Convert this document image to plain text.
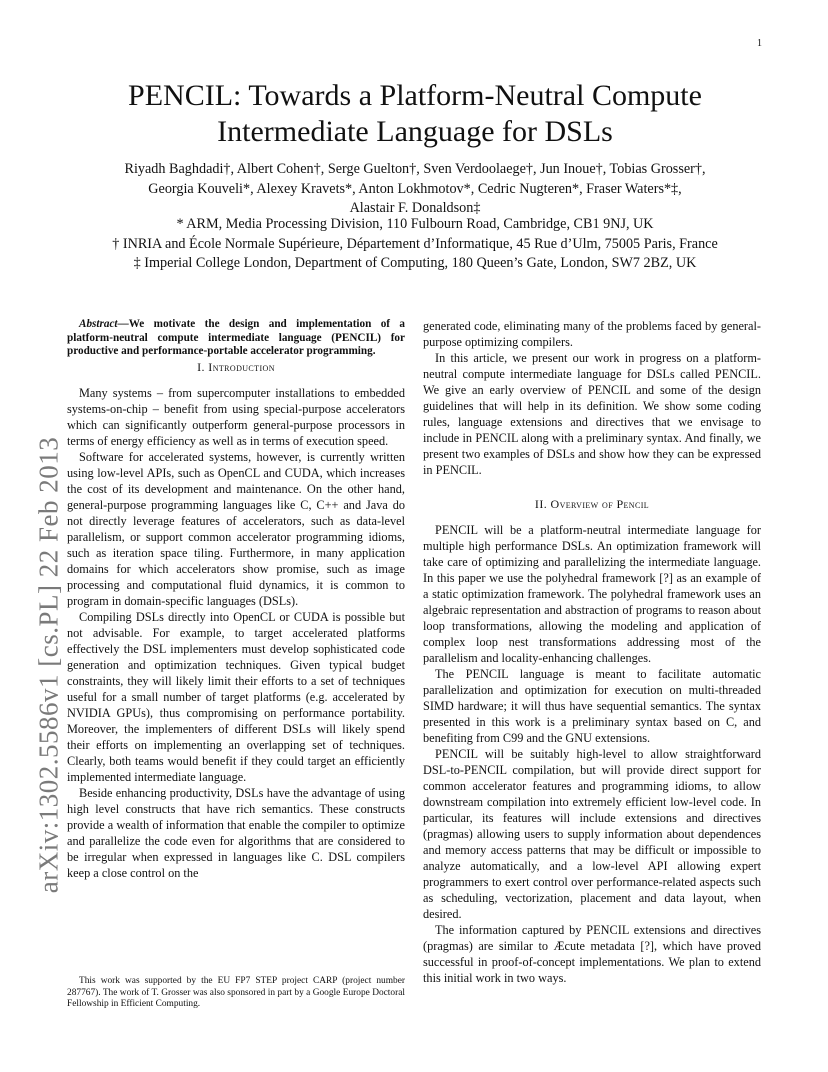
1
arXiv:1302.5586v1 [cs.PL] 22 Feb 2013
PENCIL: Towards a Platform-Neutral Compute
Intermediate Language for DSLs
Riyadh Baghdadi†, Albert Cohen†, Serge Guelton†, Sven Verdoolaege†, Jun Inoue†, Tobias Grosser†,
Georgia Kouveli*, Alexey Kravets*, Anton Lokhmotov*, Cedric Nugteren*, Fraser Waters*‡,
Alastair F. Donaldson‡
* ARM, Media Processing Division, 110 Fulbourn Road, Cambridge, CB1 9NJ, UK
† INRIA and École Normale Supérieure, Département d’Informatique, 45 Rue d’Ulm, 75005 Paris, France
‡ Imperial College London, Department of Computing, 180 Queen’s Gate, London, SW7 2BZ, UK

Abstract—We motivate the design and implementation of a platform-neutral compute intermediate language (PENCIL) for productive and performance-portable accelerator programming.

I. Introduction

Many systems – from supercomputer installations to embedded systems-on-chip – benefit from using special-purpose accelerators which can significantly outperform general-purpose processors in terms of energy efficiency as well as in terms of execution speed.

Software for accelerated systems, however, is currently written using low-level APIs, such as OpenCL and CUDA, which increases the cost of its development and maintenance. On the other hand, general-purpose programming languages like C, C++ and Java do not directly leverage features of accelerators, such as data-level parallelism, or support common accelerator programming idioms, such as iteration space tiling. Furthermore, in many application domains for which accelerators show promise, such as image processing and computational fluid dynamics, it is common to program in domain-specific languages (DSLs).

Compiling DSLs directly into OpenCL or CUDA is possible but not advisable. For example, to target accelerated platforms effectively the DSL implementers must develop sophisticated code generation and optimization techniques. Given typical budget constraints, they will likely limit their efforts to a set of techniques useful for a small number of target platforms (e.g. accelerated by NVIDIA GPUs), thus compromising on performance portability. Moreover, the implementers of different DSLs will likely spend their efforts on implementing an overlapping set of techniques. Clearly, both teams would benefit if they could target an efficiently implemented intermediate language.

Beside enhancing productivity, DSLs have the advantage of using high level constructs that have rich semantics. These constructs provide a wealth of information that enable the compiler to optimize and parallelize the code even for algorithms that are considered to be irregular when expressed in languages like C. DSL compilers keep a close control on the

This work was supported by the EU FP7 STEP project CARP (project number 287767). The work of T. Grosser was also sponsored in part by a Google Europe Doctoral Fellowship in Efficient Computing.

generated code, eliminating many of the problems faced by general-purpose optimizing compilers.

In this article, we present our work in progress on a platform-neutral compute intermediate language for DSLs called PENCIL. We give an early overview of PENCIL and some of the design guidelines that will help in its definition. We show some coding rules, language extensions and directives that we envisage to include in PENCIL along with a preliminary syntax. And finally, we present two examples of DSLs and show how they can be expressed in PENCIL.

II. Overview of Pencil

PENCIL will be a platform-neutral intermediate language for multiple high performance DSLs. An optimization framework will take care of optimizing and parallelizing the intermediate language. In this paper we use the polyhedral framework [?] as an example of a static optimization framework. The polyhedral framework uses an algebraic representation and abstraction of programs to reason about loop transformations, allowing the modeling and application of complex loop nest transformations addressing most of the parallelism and locality-enhancing challenges.

The PENCIL language is meant to facilitate automatic parallelization and optimization for execution on multi-threaded SIMD hardware; it will thus have sequential semantics. The syntax presented in this work is a preliminary syntax based on C, and benefiting from C99 and the GNU extensions.

PENCIL will be suitably high-level to allow straightforward DSL-to-PENCIL compilation, but will provide direct support for common accelerator features and programming idioms, to allow downstream compilation into extremely efficient low-level code. In particular, its features will include extensions and directives (pragmas) allowing users to supply information about dependences and memory access patterns that may be difficult or impossible to analyze automatically, and a low-level API allowing expert programmers to exert control over performance-related aspects such as scheduling, vectorization, placement and data layout, when desired.

The information captured by PENCIL extensions and directives (pragmas) are similar to Æcute metadata [?], which have proved successful in proof-of-concept implementations. We plan to extend this initial work in two ways.
